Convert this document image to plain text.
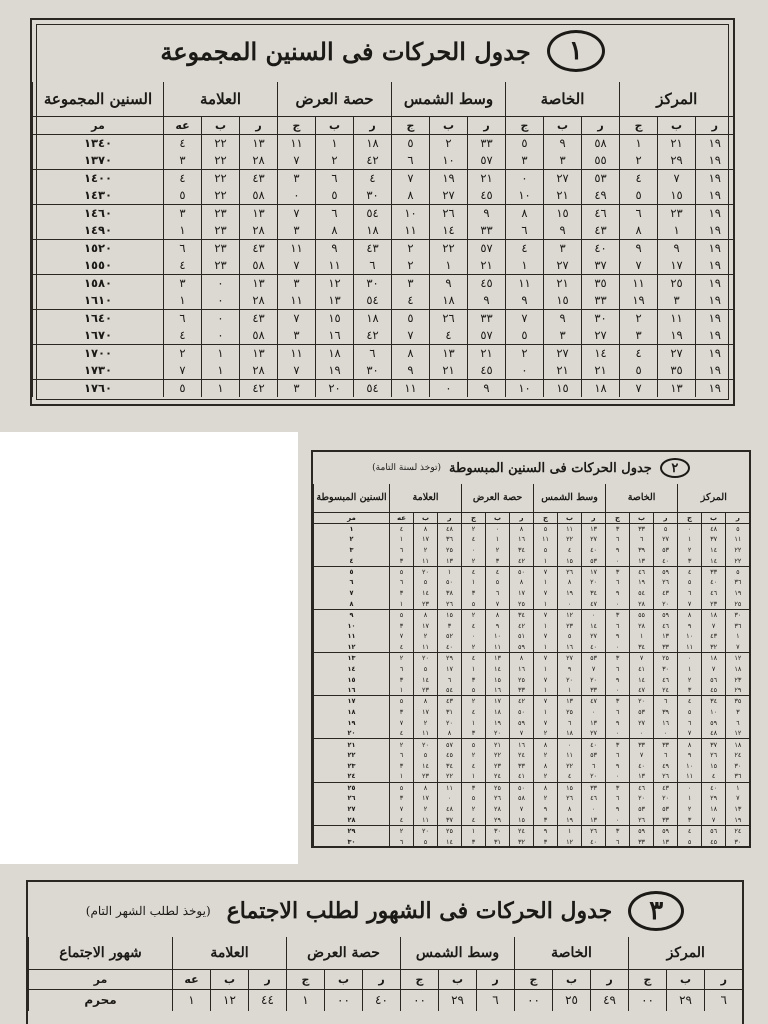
١
جدول الحركات فى السنين المجموعة
المركز			الخاصة			وسط الشمس			حصة العرض			العلامة			السنين المجموعة
ر	ب	ج	ر	ب	ج	ر	ب	ج	ر	ب	ج	ر	ب	عه	مر
١٩	٢١	١	٥٨	٩	٥	٣٣	٢	٥	١٨	١	١١	١٣	٢٢	٤	١٣٤٠
١٩	٢٩	٢	٥٥	٣	٣	٥٧	١٠	٦	٤٢	٢	٧	٢٨	٢٢	٣	١٣٧٠
١٩	٧	٤	٥٣	٢٧	٠	٢١	١٩	٧	٤	٦	٣	٤٣	٢٢	٤	١٤٠٠
١٩	١٥	٥	٤٩	٢١	١٠	٤٥	٢٧	٨	٣٠	٥	٠	٥٨	٢٢	٥	١٤٣٠
١٩	٢٣	٦	٤٦	١٥	٨	٩	٢٦	١٠	٥٤	٦	٧	١٣	٢٣	٣	١٤٦٠
١٩	١	٨	٤٣	٩	٦	٣٣	١٤	١١	١٨	٨	٣	٢٨	٢٣	١	١٤٩٠
١٩	٩	٩	٤٠	٣	٤	٥٧	٢٢	٢	٤٣	٩	١١	٤٣	٢٣	٦	١٥٢٠
١٩	١٧	٧	٣٧	٢٧	١	٢١	١	٢	٦	١١	٧	٥٨	٢٣	٤	١٥٥٠
١٩	٢٥	١١	٣٥	٢١	١١	٤٥	٩	٣	٣٠	١٢	٣	١٣	٠	٣	١٥٨٠
١٩	٣	١٩	٣٣	١٥	٩	٩	١٨	٤	٥٤	١٣	١١	٢٨	٠	١	١٦١٠
١٩	١١	٢	٣٠	٩	٧	٣٣	٢٦	٥	١٨	١٥	٧	٤٣	٠	٦	١٦٤٠
١٩	١٩	٣	٢٧	٣	٥	٥٧	٤	٧	٤٢	١٦	٣	٥٨	٠	٤	١٦٧٠
١٩	٢٧	٤	١٤	٢٧	٢	٢١	١٣	٨	٦	١٨	١١	١٣	١	٢	١٧٠٠
١٩	٣٥	٥	٢١	٢١	٠	٤٥	٢١	٩	٣٠	١٩	٧	٢٨	١	٧	١٧٣٠
١٩	١٣	٧	١٨	١٥	١٠	٩	٠	١١	٥٤	٢٠	٣	٤٢	١	٥	١٧٦٠
٢
جدول الحركات فى السنين المبسوطة
(توخذ لسنة التامة)
المركز			الخاصة			وسط الشمس			حصة العرض			العلامة			السنين المبسوطة
ر	ب	ج	ر	ب	ج	ر	ب	ج	ر	ب	ج	ر	ب	عه	مر
٥	٤٨	٠	٥	٣٣	٣	١٣	١١	٥	٨	٠	٢	٤٨	٨	٤	١
١١	٣٧	١	٢٧	٦	٦	٢٧	٢٢	١١	١٦	١	٤	٣٦	١٧	١	٢
٢٢	١٤	٢	٥٣	٣٩	٩	٤٠	٤	٥	٣٤	٢	٠	٢٥	٢	٦	٣
٢٢	١٤	٣	٤٠	١٣	٠	٥٣	١٥	١	٤٢	٣	٢	١٣	١١	٣	٤
٥	٣٣	٤	٥٩	٤٦	٣	١٧	٢٦	٧	٥٠	٤	٤	١	٢٠	٥	٥
٣٦	٤٠	٥	٢٦	١٩	٦	٢٠	٨	١	٨	٥	١	٥٠	٥	٦	٦
١٩	٤٦	٦	٤٣	٥٤	٩	٣٤	١٩	٧	١٧	٦	٣	٣٨	١٤	٣	٧
٢٥	٢٣	٧	٢٠	٢٨	٠	٤٧	٠	١	٢٥	٧	٥	٢٦	٢٣	١	٨
٣٠	١٨	٨	٥٩	٥٥	٣	٠	١٢	٧	٣٤	٨	٢	١٥	٨	٥	٩
٣٦	٧	٩	٤٦	٢٨	٦	١٤	٢٣	١	٤٢	٩	٤	٣	١٧	٣	١٠
١	٤٣	١٠	١٣	١	٩	٢٧	٥	٧	٥١	١٠	٠	٥٢	٢	٧	١١
٧	٣٢	١١	٣٣	٣٤	٠	٤٠	١٦	١	٥٩	١١	٢	٤٠	١١	٤	١٢
١٢	١٨	٠	٢٥	٧	٣	٥٣	٢٧	٧	٨	١٣	٤	٢٩	٢٠	٢	١٣
١٨	٧	١	٣٠	٤١	٦	٧	٩	١	١٦	١٤	١	١٧	٥	٦	١٤
٢٣	٥٦	٢	٤٦	١٤	٩	٢٠	٢٠	٧	٢٥	١٥	٣	٦	١٤	٣	١٥
٢٩	٤٥	٣	٢٤	٤٧	٠	٣٣	١	١	٣٣	١٦	٥	٥٤	٢٣	١	١٦
٣٥	٣٤	٤	٦	٢٠	٣	٤٧	١٣	٧	٤٢	١٧	٢	٤٣	٨	٥	١٧
٣	١٠	٥	٣٩	٥٣	٦	٠	٢٥	١	٥٠	١٨	٤	٣١	١٧	٣	١٨
٦	٥٩	٦	١٦	٢٧	٩	١٣	٦	٧	٥٩	١٩	١	٢٠	٢	٧	١٩
١٢	٤٨	٧	٠	٠	٠	٢٧	١٨	٢	٧	٢٠	٣	٨	١١	٤	٢٠
١٨	٣٧	٨	٣٣	٣٣	٣	٤٠	٠	٨	١٦	٢١	٥	٥٧	٢٠	٢	٢١
٢٤	٢٦	٩	٦	٧	٦	٥٣	١١	٢	٢٤	٢٢	٢	٤٥	٥	٦	٢٢
٣٠	١٥	١٠	٤٩	٤٠	٩	٦	٢٢	٨	٣٣	٢٣	٤	٣٤	١٤	٣	٢٣
٣٦	٤	١١	٢٦	١٣	٠	٢٠	٤	٢	٤١	٢٤	١	٢٢	٢٣	١	٢٤
١	٤٠	٠	٤٣	٤٦	٣	٣٣	١٥	٨	٥٠	٢٥	٣	١١	٨	٥	٢٥
٧	٢٩	١	٢٠	٢٠	٦	٤٦	٢٦	٢	٥٨	٢٦	٥	٠	١٧	٣	٢٦
١٣	١٨	٢	٥٣	٥٣	٩	٠	٨	٩	٧	٢٨	٢	٤٨	٢	٧	٢٧
١٩	٧	٣	٣٣	٢٦	٠	١٣	١٩	٣	١٥	٢٩	٤	٣٧	١١	٤	٢٨
٢٤	٥٦	٤	٥٩	٥٩	٣	٢٦	١	٩	٢٤	٣٠	١	٢٥	٢٠	٢	٢٩
٣٠	٤٥	٥	١٣	٣٣	٦	٤٠	١٢	٣	٣٢	٣١	٣	١٤	٥	٦	٣٠
٣
جدول الحركات فى الشهور لطلب الاجتماع
(يوخذ لطلب الشهر التام)
المركز			الخاصة			وسط الشمس			حصة العرض			العلامة			شهور الاجتماع
ر	ب	ج	ر	ب	ج	ر	ب	ج	ر	ب	ج	ر	ب	عه	مر
٦	٢٩	٠٠	٤٩	٢٥	٠٠	٦	٢٩	٠٠	٤٠	٠٠	١	٤٤	١٢	١	محرم
